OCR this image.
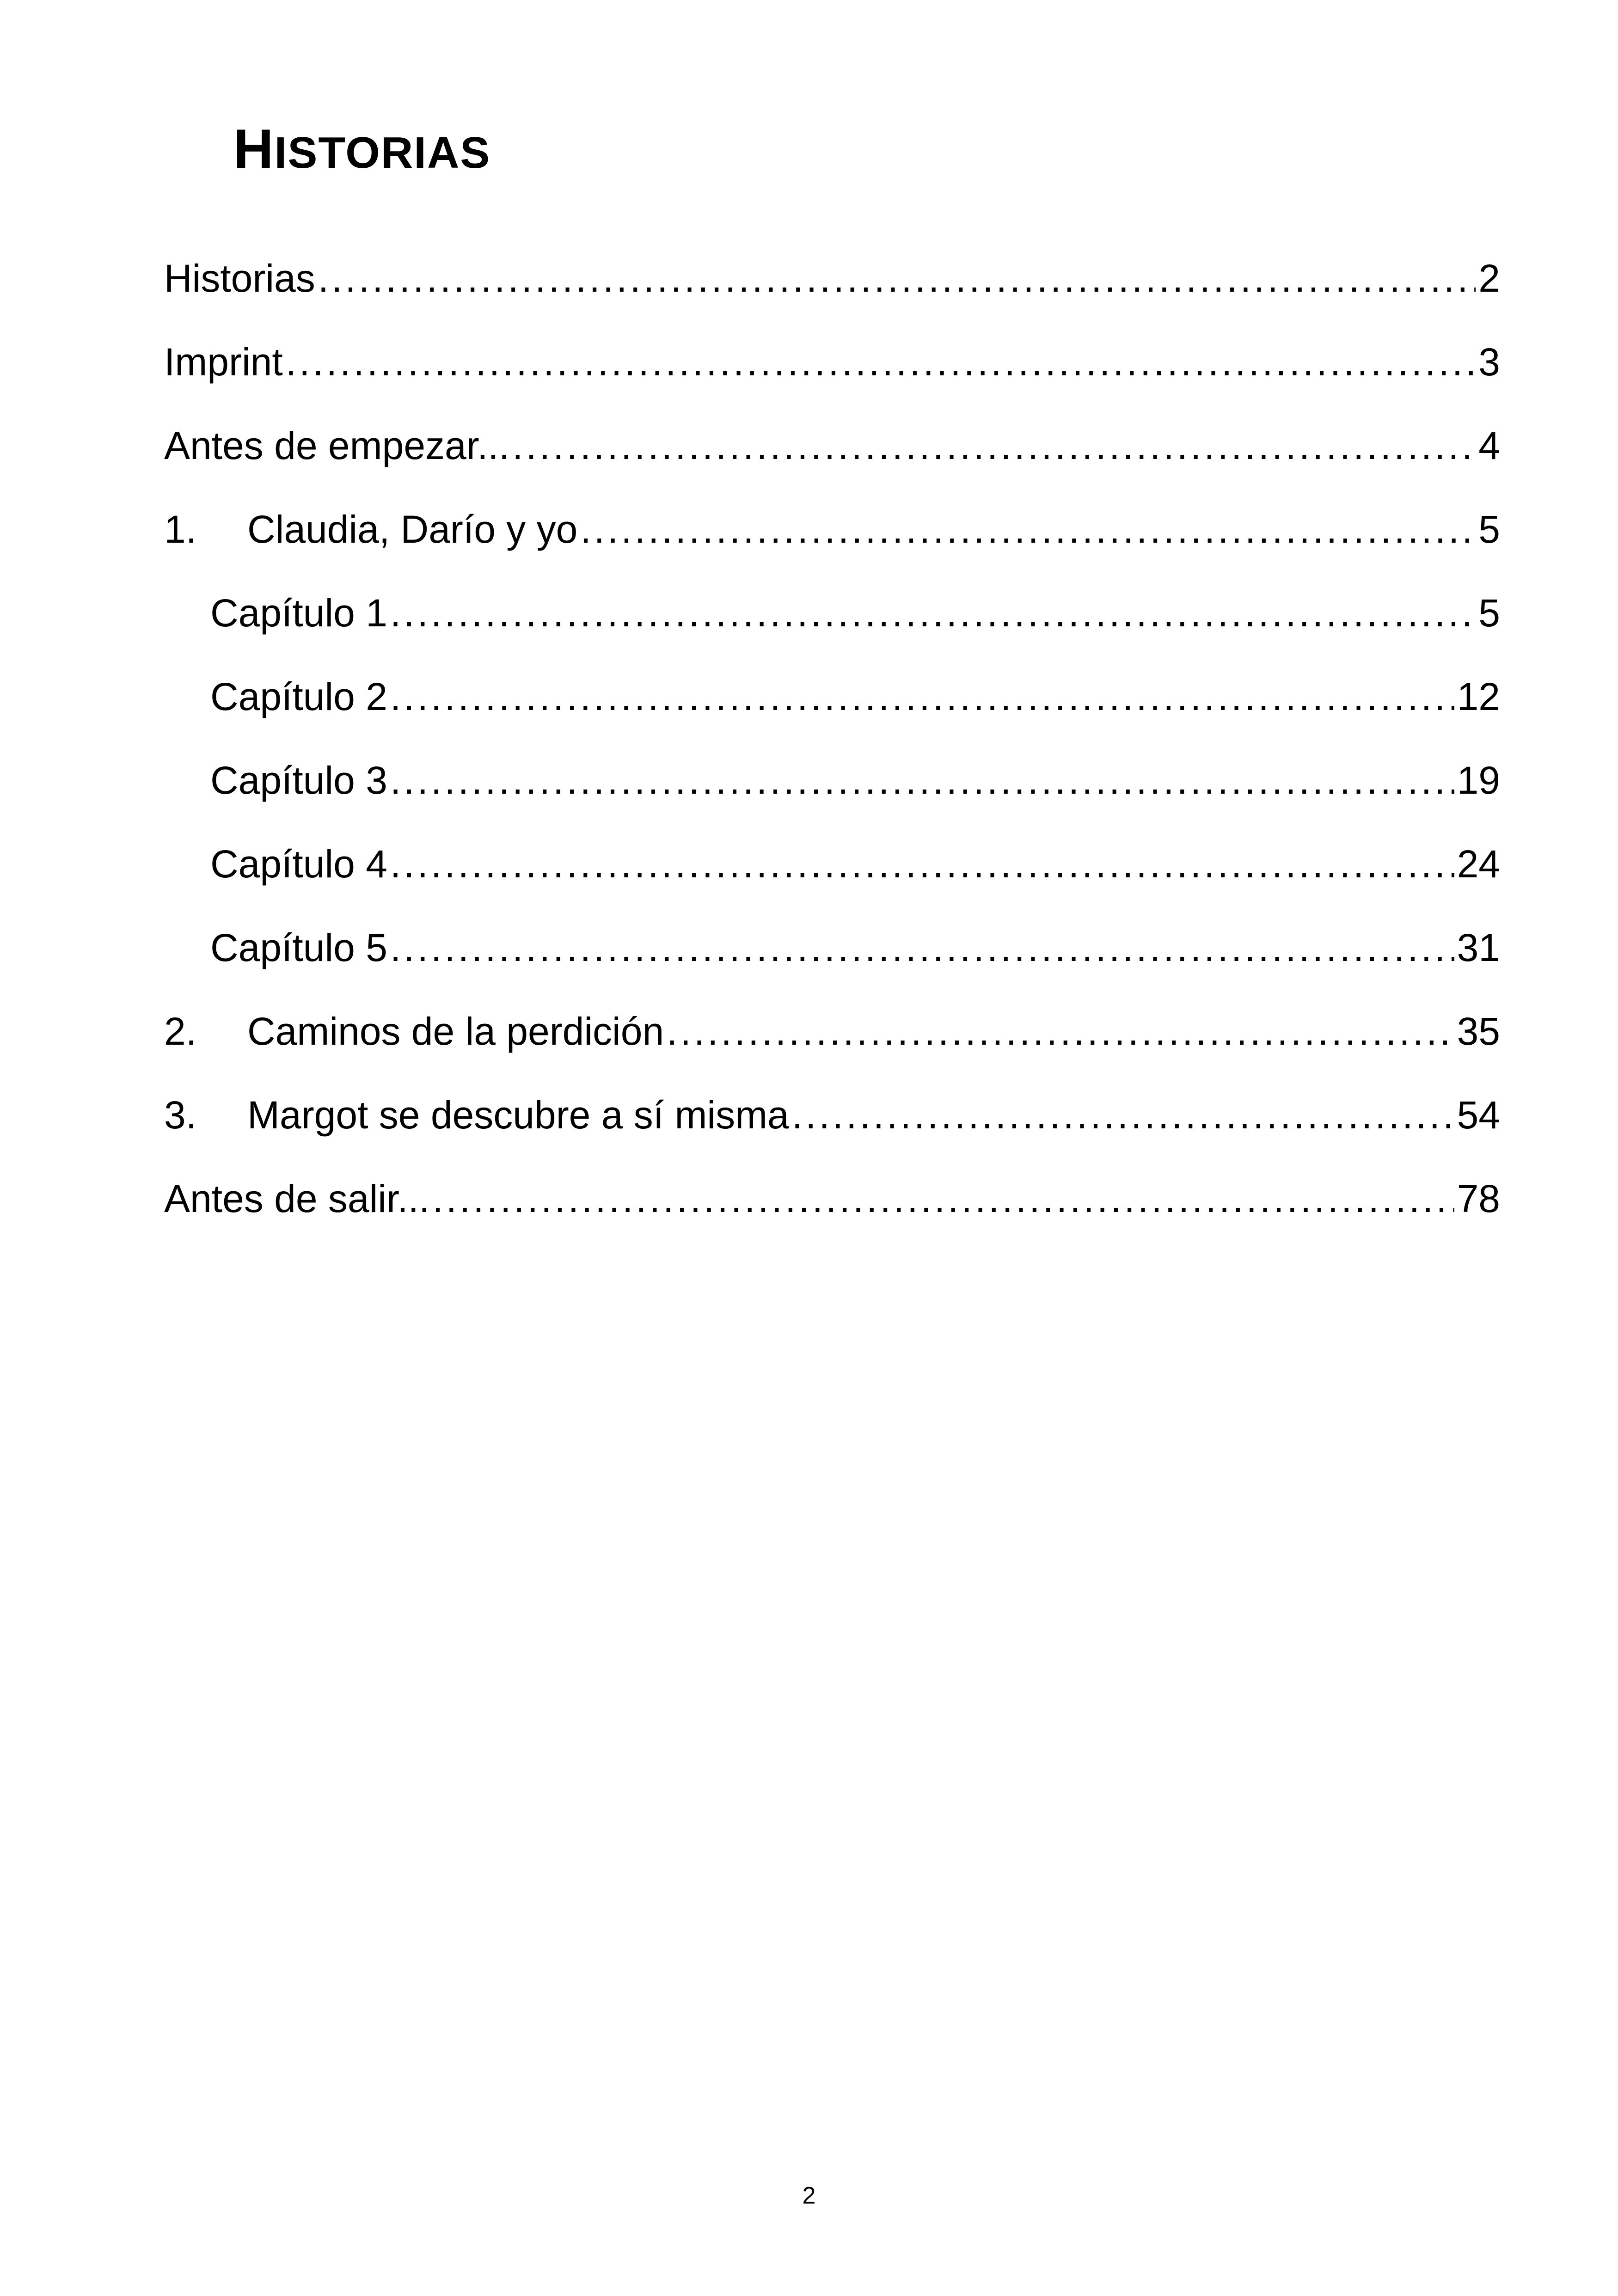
HISTORIAS
Historias .....	2
Imprint .....	3
Antes de empezar... .....	4
1.	Claudia, Darío y yo .....	5
Capítulo 1 .....	5
Capítulo 2 .....	12
Capítulo 3 .....	19
Capítulo 4 .....	24
Capítulo 5 .....	31
2.	Caminos de la perdición .....	35
3.	Margot se descubre a sí misma .....	54
Antes de salir... .....	78
2
